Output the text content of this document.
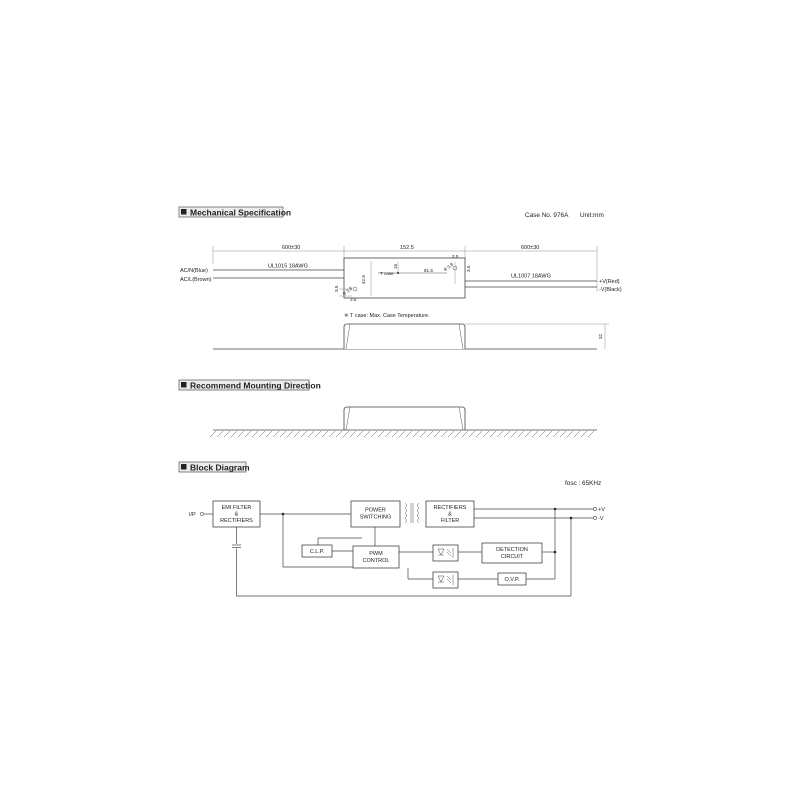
Mechanical Specification	Case No. 976A Unit:mm
600±30	152.5	600±30
AC/N(Blue)
AC/L(Brown)
UL1015 18AWG
T case
81.5
42.5
15
3.5
3.5
3.5
φ
3.8
φ
3.8	3.5
UL1007 18AWG
+V(Red)
-V(Black)
※ T case: Max. Case Temperature.
32
Recommend Mounting Direction
Block Diagram
fosc : 65KHz
I/P
EMI FILTER
&
RECTIFIERS
POWER
SWITCHING
RECTIFIERS
&
FILTER
+V
-V
C.L.P.	PWM
CONTROL
DETECTION
CIRCUIT
O.V.P.
